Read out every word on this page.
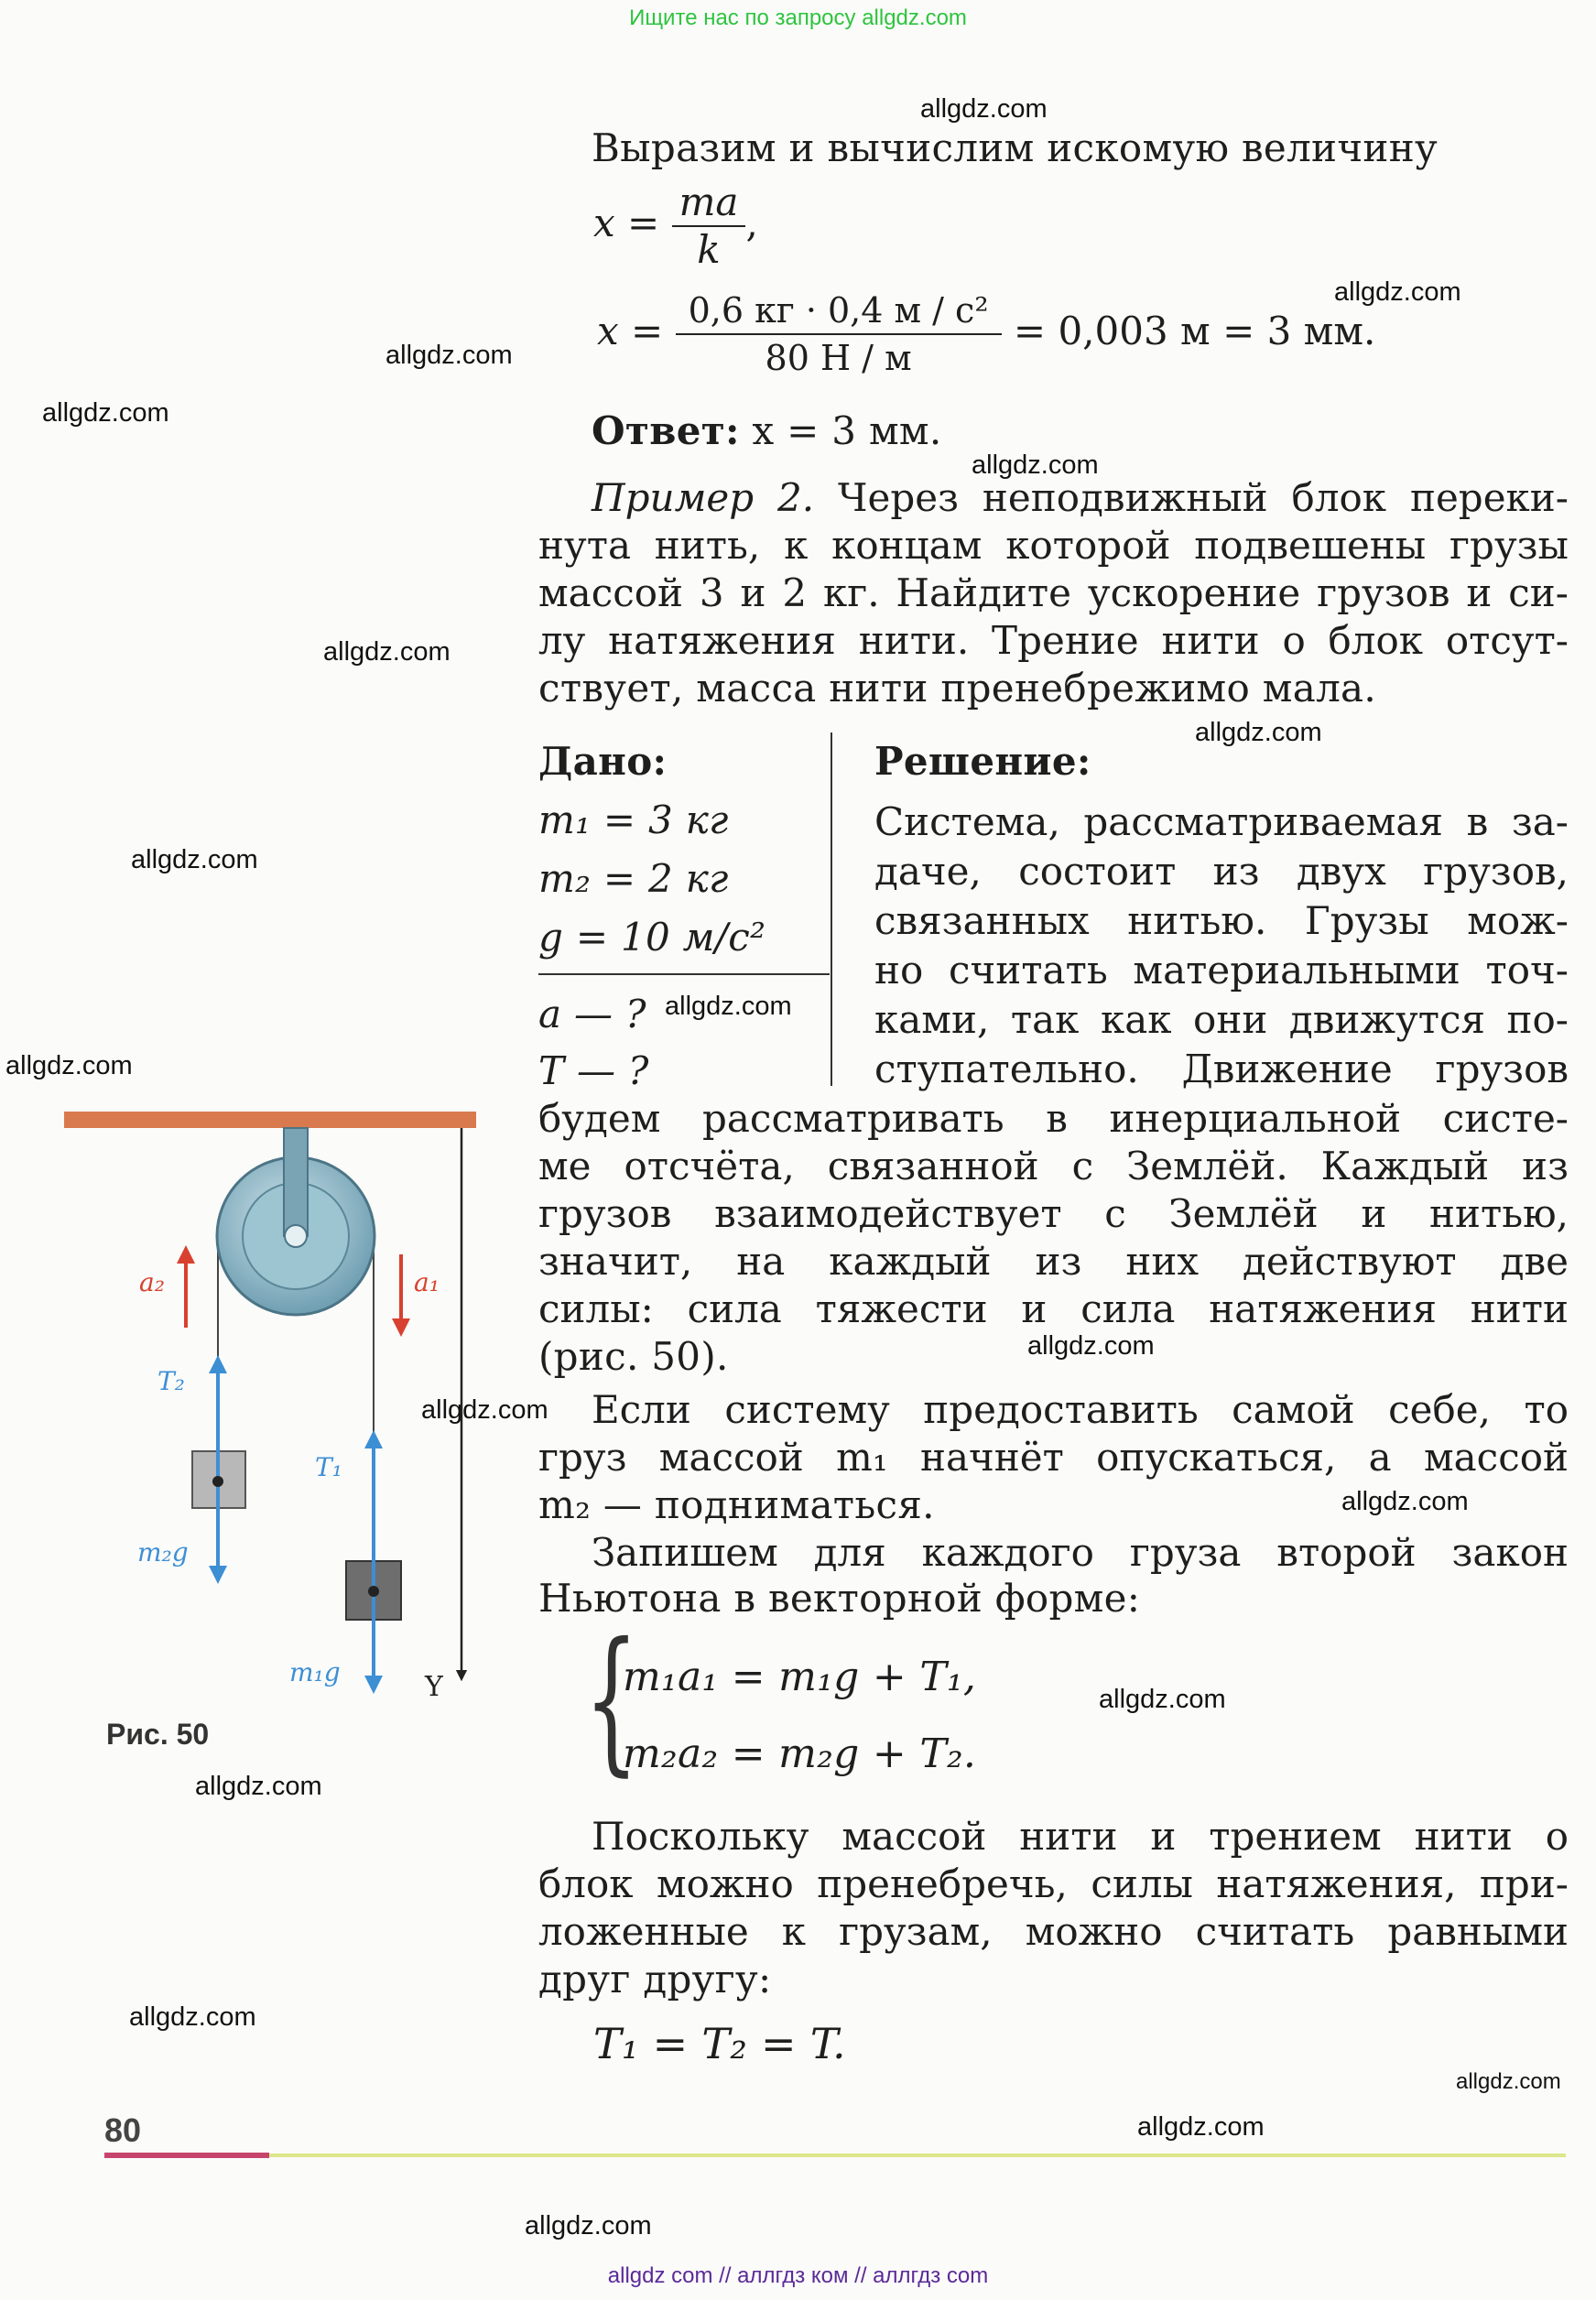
Ищите нас по запросу allgdz.com
allgdz.com
allgdz.com
allgdz.com
allgdz.com
allgdz.com
allgdz.com
allgdz.com
allgdz.com
allgdz.com
allgdz.com
allgdz.com
allgdz.com
allgdz.com
allgdz.com
allgdz.com
allgdz.com
allgdz.com
allgdz.com
allgdz.com
Выразим и вычислим искомую величину
$x = \frac{ma}{k}$ ,
$x = \frac{\text{0,6 кг · 0,4 м / с²}}{80 Н / м} = 0,003$ м = 3 мм.
Ответ: x = 3 мм.
Пример 2. Через неподвижный блок переки-
нута нить, к концам которой подвешены грузы
массой 3 и 2 кг. Найдите ускорение грузов и си-
лу натяжения нити. Трение нити о блок отсут-
ствует, масса нити пренебрежимо мала.
Дано:
m₁ = 3 кг
m₂ = 2 кг
g = 10 м/с²
a — ?
T — ?
Решение:
Система, рассматриваемая в за-
даче, состоит из двух грузов,
связанных нитью. Грузы мож-
но считать материальными точ-
ками, так как они движутся по-
ступательно. Движение грузов
будем рассматривать в инерциальной систе-
ме отсчёта, связанной с Землёй. Каждый из
грузов взаимодействует с Землёй и нитью,
значит, на каждый из них действуют две
силы: сила тяжести и сила натяжения нити
(рис. 50).
Если систему предоставить самой себе, то
груз массой m₁ начнёт опускаться, а массой
m₂ — подниматься.
Запишем для каждого груза второй закон
Ньютона в векторной форме:
{
m₁a₁ = m₁g + T₁,
m₂a₂ = m₂g + T₂.
Поскольку массой нити и трением нити о
блок можно пренебречь, силы натяжения, при-
ложенные к грузам, можно считать равными
друг другу:
T₁ = T₂ = T.
Y
a₂	a₁
T₂
m₂g
T₁
m₁g
Рис. 50
80
allgdz com // аллгдз ком // аллгдз com
